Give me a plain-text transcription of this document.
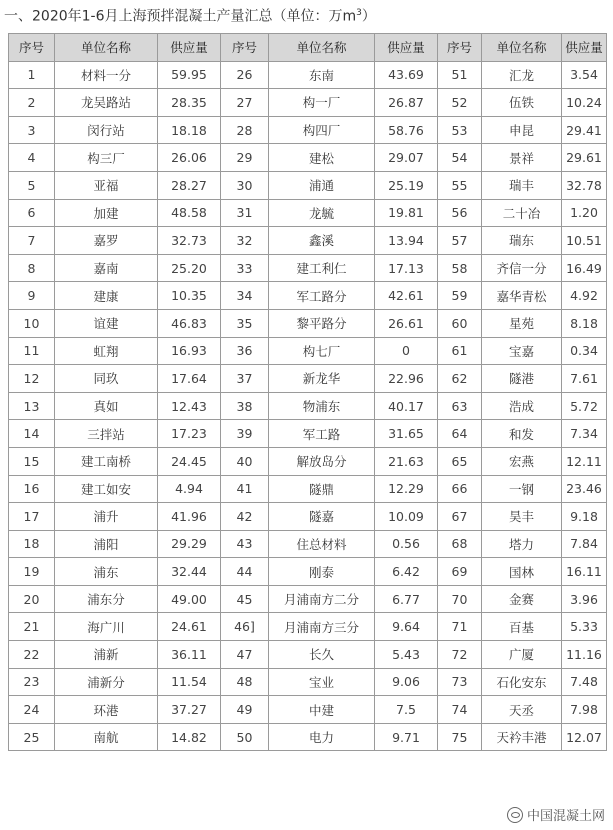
一、2020年1-6月上海预拌混凝土产量汇总（单位：万$m^3$）
序号	单位名称	供应量	序号	单位名称	供应量	序号	单位名称	供应量
1	材料一分	59.95	26	东南	43.69	51	汇龙	3.54
2	龙吴路站	28.35	27	构一厂	26.87	52	伍铁	10.24
3	闵行站	18.18	28	构四厂	58.76	53	申昆	29.41
4	构三厂	26.06	29	建松	29.07	54	景祥	29.61
5	亚福	28.27	30	浦通	25.19	55	瑞丰	32.78
6	加建	48.58	31	龙毓	19.81	56	二十冶	1.20
7	嘉罗	32.73	32	鑫溪	13.94	57	瑞东	10.51
8	嘉南	25.20	33	建工利仁	17.13	58	齐信一分	16.49
9	建康	10.35	34	军工路分	42.61	59	嘉华青松	4.92
10	谊建	46.83	35	黎平路分	26.61	60	星苑	8.18
11	虹翔	16.93	36	构七厂	0	61	宝嘉	0.34
12	同玖	17.64	37	新龙华	22.96	62	隧港	7.61
13	真如	12.43	38	物浦东	40.17	63	浩成	5.72
14	三拌站	17.23	39	军工路	31.65	64	和发	7.34
15	建工南桥	24.45	40	解放岛分	21.63	65	宏燕	12.11
16	建工如安	4.94	41	隧鼎	12.29	66	一钢	23.46
17	浦升	41.96	42	隧嘉	10.09	67	昊丰	9.18
18	浦阳	29.29	43	住总材料	0.56	68	塔力	7.84
19	浦东	32.44	44	刚泰	6.42	69	国林	16.11
20	浦东分	49.00	45	月浦南方二分	6.77	70	金赛	3.96
21	海广川	24.61	46]	月浦南方三分	9.64	71	百基	5.33
22	浦新	36.11	47	长久	5.43	72	广厦	11.16
23	浦新分	11.54	48	宝业	9.06	73	石化安东	7.48
24	环港	37.27	49	中建	7.5	74	天丞	7.98
25	南航	14.82	50	电力	9.71	75	天衿丰港	12.07
中国混凝土网
